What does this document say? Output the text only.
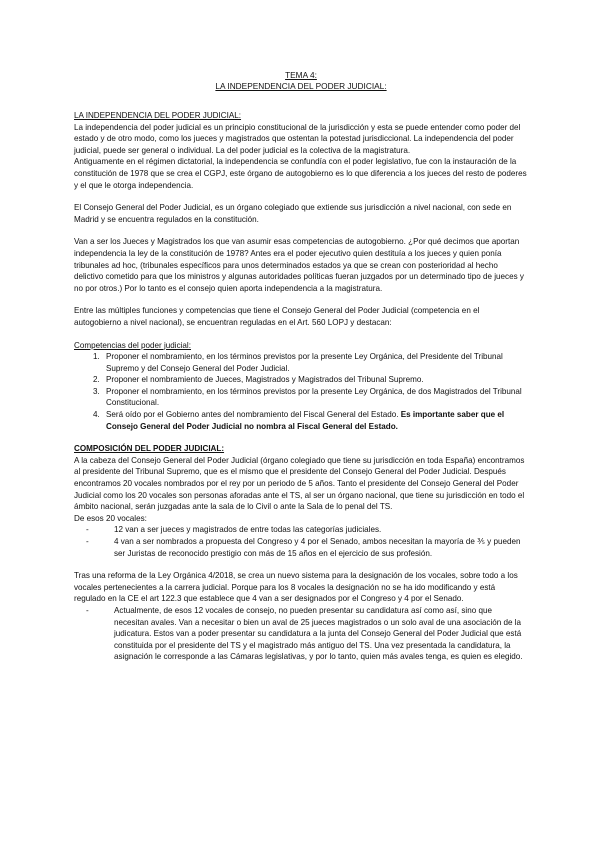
TEMA 4:

LA INDEPENDENCIA DEL PODER JUDICIAL:

LA INDEPENDENCIA DEL PODER JUDICIAL:

La independencia del poder judicial es un principio constitucional de la jurisdicción y esta se puede entender como poder del estado y de otro modo, como los jueces y magistrados que ostentan la potestad jurisdiccional. La independencia del poder judicial, puede ser general o individual. La del poder judicial es la colectiva de la magistratura.

Antiguamente en el régimen dictatorial, la independencia se confundía con el poder legislativo, fue con la instauración de la constitución de 1978 que se crea el CGPJ, este órgano de autogobierno es lo que diferencia a los jueces del resto de poderes y el que le otorga independencia.

El Consejo General del Poder Judicial, es un órgano colegiado que extiende sus jurisdicción a nivel nacional, con sede en Madrid y se encuentra regulados en la constitución.

Van a ser los Jueces y Magistrados los que van asumir esas competencias de autogobierno. ¿Por qué decimos que aportan independencia la ley de la constitución de 1978? Antes era el poder ejecutivo quien destituía a los jueces y quien ponía tribunales ad hoc, (tribunales específicos para unos determinados estados ya que se crean con posterioridad al hecho delictivo cometido para que los ministros y algunas autoridades políticas fueran juzgados por un determinado tipo de jueces y no por otros.) Por lo tanto es el consejo quien aporta independencia a la magistratura.

Entre las múltiples funciones y competencias que tiene el Consejo General del Poder Judicial (competencia en el autogobierno a nivel nacional), se encuentran reguladas en el Art. 560 LOPJ y destacan:

Competencias del poder judicial:

1. Proponer el nombramiento, en los términos previstos por la presente Ley Orgánica, del Presidente del Tribunal Supremo y del Consejo General del Poder Judicial.
2. Proponer el nombramiento de Jueces, Magistrados y Magistrados del Tribunal Supremo.
3. Proponer el nombramiento, en los términos previstos por la presente Ley Orgánica, de dos Magistrados del Tribunal Constitucional.
4. Será oído por el Gobierno antes del nombramiento del Fiscal General del Estado. Es importante saber que el Consejo General del Poder Judicial no nombra al Fiscal General del Estado.

COMPOSICIÓN DEL PODER JUDICIAL:

A la cabeza del Consejo General del Poder Judicial (órgano colegiado que tiene su jurisdicción en toda España) encontramos al presidente del Tribunal Supremo, que es el mismo que el presidente del Consejo General del Poder Judicial. Después encontramos 20 vocales nombrados por el rey por un periodo de 5 años. Tanto el presidente del Consejo General del Poder Judicial como los 20 vocales son personas aforadas ante el TS, al ser un órgano nacional, que tiene su jurisdicción en todo el ámbito nacional, serán juzgadas ante la sala de lo Civil o ante la Sala de lo penal del TS.

De esos 20 vocales:

- 12 van a ser jueces y magistrados de entre todas las categorías judiciales.
- 4 van a ser nombrados a propuesta del Congreso y 4 por el Senado, ambos necesitan la mayoría de ⅗ y pueden ser Juristas de reconocido prestigio con más de 15 años en el ejercicio de sus profesión.

Tras una reforma de la Ley Orgánica 4/2018, se crea un nuevo sistema para la designación de los vocales, sobre todo a los vocales pertenecientes a la carrera judicial. Porque para los 8 vocales la designación no se ha ido modificando y está regulado en la CE el art 122.3 que establece que 4 van a ser designados por el Congreso y 4 por el Senado.

- Actualmente, de esos 12 vocales de consejo, no pueden presentar su candidatura así como así, sino que necesitan avales. Van a necesitar o bien un aval de 25 jueces magistrados o un solo aval de una asociación de la judicatura. Estos van a poder presentar su candidatura a la junta del Consejo General del Poder Judicial que está constituida por el presidente del TS y el magistrado más antiguo del TS. Una vez presentada la candidatura, la asignación le corresponde a las Cámaras legislativas, y por lo tanto, quien más avales tenga, es quien es elegido.
